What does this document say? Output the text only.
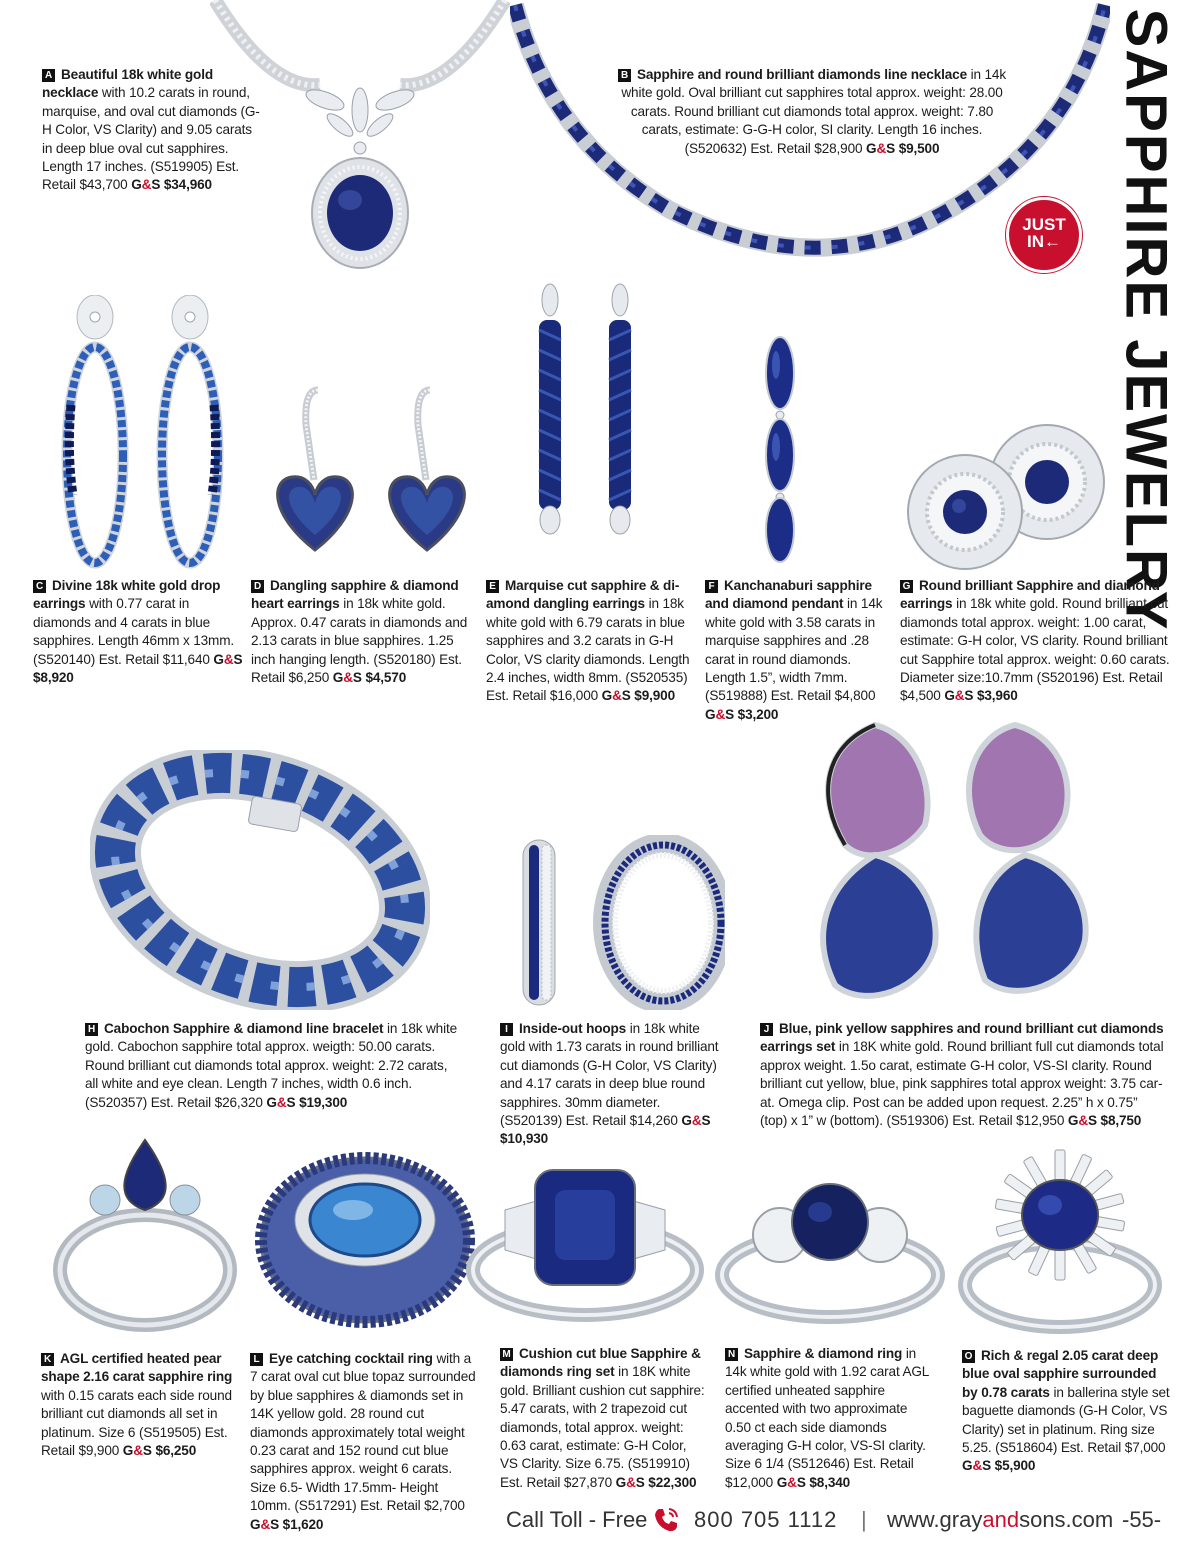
SAPPHIRE JEWELRY
JUST
IN←
A Beautiful 18k white gold necklace with 10.2 carats in round, marquise, and oval cut diamonds (G-H Color, VS Clarity) and 9.05 carats in deep blue oval cut sapphires. Length 17 inches. (S519905) Est. Retail $43,700 G&S $34,960
B Sapphire and round brilliant diamonds line necklace in 14k white gold. Oval brilliant cut sapphires total approx. weight: 28.00 carats. Round brilliant cut diamonds total approx. weight: 7.80 carats, estimate: G-G-H color, SI clarity. Length 16 inches. (S520632) Est. Retail $28,900 G&S $9,500
C Divine 18k white gold drop earrings with 0.77 carat in diamonds and 4 carats in blue sapphires. Length 46mm x 13mm. (S520140) Est. Retail $11,640 G&S $8,920
D Dangling sapphire & diamond heart earrings in 18k white gold. Approx. 0.47 carats in diamonds and 2.13 carats in blue sapphires. 1.25 inch hanging length. (S520180) Est. Retail $6,250 G&S $4,570
E Marquise cut sapphire & diamond dangling earrings in 18k white gold with 6.79 carats in blue sapphires and 3.2 carats in G-H Color, VS clarity diamonds. Length 2.4 inches, width 8mm. (S520535) Est. Retail $16,000 G&S $9,900
F Kanchanaburi sapphire and diamond pendant in 14k white gold with 3.58 carats in marquise sapphires and .28 carat in round diamonds. Length 1.5”, width 7mm. (S519888) Est. Retail $4,800 G&S $3,200
G Round brilliant Sapphire and diamond earrings in 18k white gold. Round brilliant cut diamonds total approx. weight: 1.00 carat, estimate: G-H color, VS clarity. Round brilliant cut Sapphire total approx. weight: 0.60 carats. Diameter size:10.7mm (S520196) Est. Retail $4,500 G&S $3,960
H Cabochon Sapphire & diamond line bracelet in 18k white gold. Cabochon sapphire total approx. weigth: 50.00 carats. Round brilliant cut diamonds total approx. weight: 2.72 carats, all white and eye clean. Length 7 inches, width 0.6 inch. (S520357) Est. Retail $26,320 G&S $19,300
I Inside-out hoops in 18k white gold with 1.73 carats in round brilliant cut diamonds (G-H Color, VS Clarity) and 4.17 carats in deep blue round sapphires. 30mm diameter. (S520139) Est. Retail $14,260 G&S $10,930
J Blue, pink yellow sapphires and round brilliant cut diamonds earrings set in 18K white gold. Round brilliant full cut diamonds total approx weight. 1.5o carat, estimate G-H color, VS-SI clarity. Round brilliant cut yellow, blue, pink sapphires total approx weight: 3.75 carat. Omega clip. Post can be added upon request. 2.25” h x 0.75” (top) x 1” w (bottom). (S519306) Est. Retail $12,950 G&S $8,750
K AGL certified heated pear shape 2.16 carat sapphire ring with 0.15 carats each side round brilliant cut diamonds all set in platinum. Size 6 (S519505) Est. Retail $9,900 G&S $6,250
L Eye catching cocktail ring with a 7 carat oval cut blue topaz surrounded by blue sapphires & diamonds set in 14K yellow gold. 28 round cut diamonds approximately total weight 0.23 carat and 152 round cut blue sapphires approx. weight 6 carats. Size 6.5- Width 17.5mm- Height 10mm. (S517291) Est. Retail $2,700 G&S $1,620
M Cushion cut blue Sapphire & diamonds ring set in 18K white gold. Brilliant cushion cut sapphire: 5.47 carats, with 2 trapezoid cut diamonds, total approx. weight: 0.63 carat, estimate: G-H Color, VS Clarity. Size 6.75. (S519910) Est. Retail $27,870 G&S $22,300
N Sapphire & diamond ring in 14k white gold with 1.92 carat AGL certified unheated sapphire accented with two approximate 0.50 ct each side diamonds averaging G-H color, VS-SI clarity. Size 6 1/4 (S512646) Est. Retail $12,000 G&S $8,340
O Rich & regal 2.05 carat deep blue oval sapphire surrounded by 0.78 carats in ballerina style set baguette diamonds (G-H Color, VS Clarity) set in platinum. Ring size 5.25. (S518604) Est. Retail $7,000 G&S $5,900
Call Toll - Free 800 705 1112 | www.grayandsons.com -55-
